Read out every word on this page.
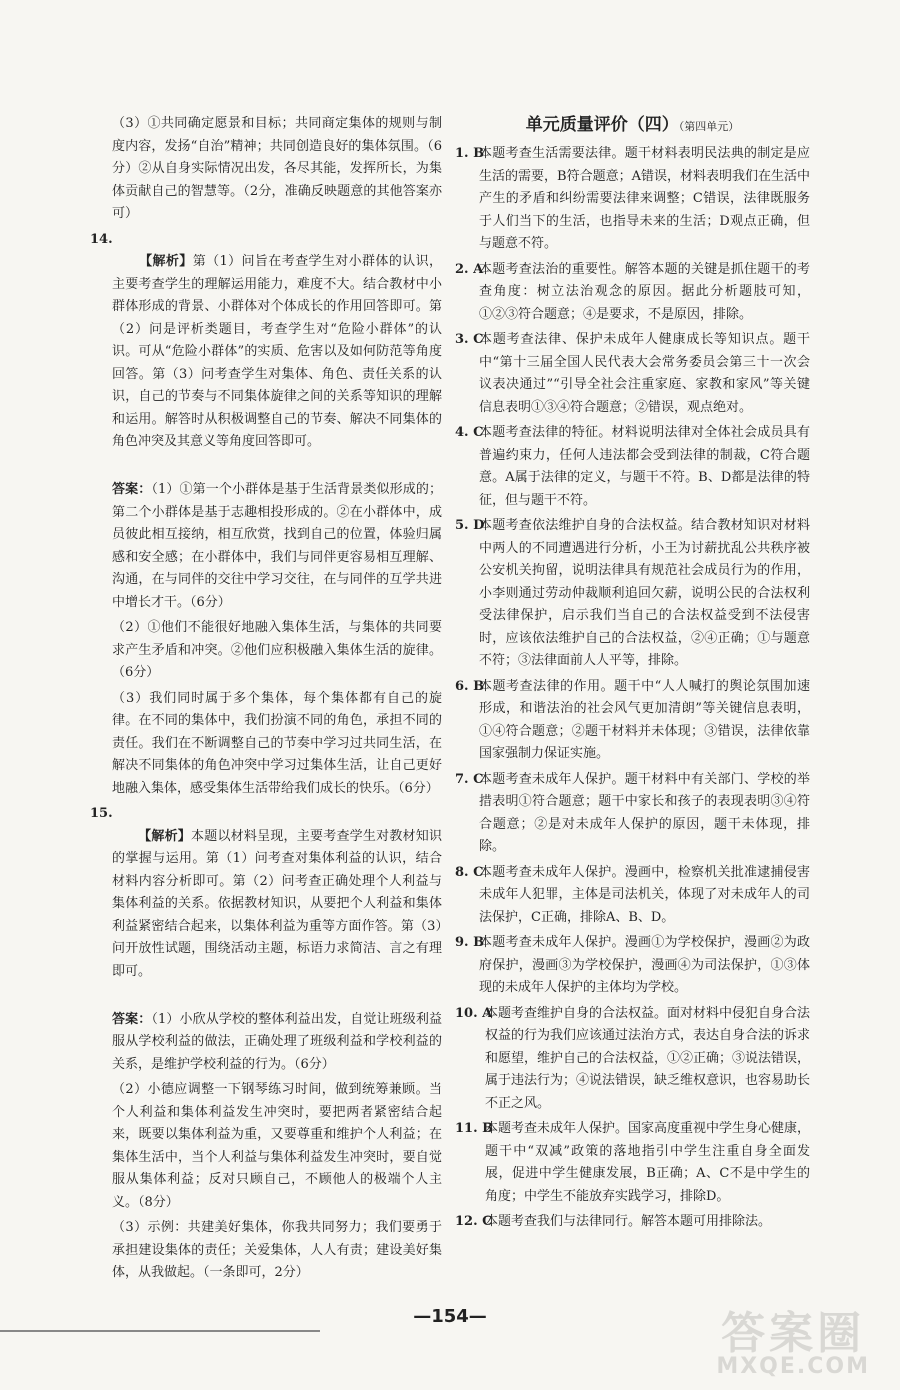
（3）①共同确定愿景和目标；共同商定集体的规则与制度内容，发扬“自治”精神；共同创造良好的集体氛围。（6分）②从自身实际情况出发，各尽其能，发挥所长，为集体贡献自己的智慧等。（2分，准确反映题意的其他答案亦可）

14.
【解析】第（1）问旨在考查学生对小群体的认识，主要考查学生的理解运用能力，难度不大。结合教材中小群体形成的背景、小群体对个体成长的作用回答即可。第（2）问是评析类题目，考查学生对“危险小群体”的认识。可从“危险小群体”的实质、危害以及如何防范等角度回答。第（3）问考查学生对集体、角色、责任关系的认识，自己的节奏与不同集体旋律之间的关系等知识的理解和运用。解答时从积极调整自己的节奏、解决不同集体的角色冲突及其意义等角度回答即可。

答案：（1）①第一个小群体是基于生活背景类似形成的；第二个小群体是基于志趣相投形成的。②在小群体中，成员彼此相互接纳，相互欣赏，找到自己的位置，体验归属感和安全感；在小群体中，我们与同伴更容易相互理解、沟通，在与同伴的交往中学习交往，在与同伴的互学共进中增长才干。（6分）

（2）①他们不能很好地融入集体生活，与集体的共同要求产生矛盾和冲突。②他们应积极融入集体生活的旋律。（6分）

（3）我们同时属于多个集体，每个集体都有自己的旋律。在不同的集体中，我们扮演不同的角色，承担不同的责任。我们在不断调整自己的节奏中学习过共同生活，在解决不同集体的角色冲突中学习过集体生活，让自己更好地融入集体，感受集体生活带给我们成长的快乐。（6分）

15.
【解析】本题以材料呈现，主要考查学生对教材知识的掌握与运用。第（1）问考查对集体利益的认识，结合材料内容分析即可。第（2）问考查正确处理个人利益与集体利益的关系。依据教材知识，从要把个人利益和集体利益紧密结合起来，以集体利益为重等方面作答。第（3）问开放性试题，围绕活动主题，标语力求简洁、言之有理即可。

答案：（1）小欣从学校的整体利益出发，自觉让班级利益服从学校利益的做法，正确处理了班级利益和学校利益的关系，是维护学校利益的行为。（6分）

（2）小德应调整一下钢琴练习时间，做到统筹兼顾。当个人利益和集体利益发生冲突时，要把两者紧密结合起来，既要以集体利益为重，又要尊重和维护个人利益；在集体生活中，当个人利益与集体利益发生冲突时，要自觉服从集体利益；反对只顾自己，不顾他人的极端个人主义。（8分）

（3）示例：共建美好集体，你我共同努力；我们要勇于承担建设集体的责任；关爱集体，人人有责；建设美好集体，从我做起。（一条即可，2分）

单元质量评价（四）（第四单元）

1. B
本题考查生活需要法律。题干材料表明民法典的制定是应生活的需要，B符合题意；A错误，材料表明我们在生活中产生的矛盾和纠纷需要法律来调整；C错误，法律既服务于人们当下的生活，也指导未来的生活；D观点正确，但与题意不符。

2. A
本题考查法治的重要性。解答本题的关键是抓住题干的考查角度：树立法治观念的原因。据此分析题肢可知，①②③符合题意；④是要求，不是原因，排除。

3. C
本题考查法律、保护未成年人健康成长等知识点。题干中“第十三届全国人民代表大会常务委员会第三十一次会议表决通过”“引导全社会注重家庭、家教和家风”等关键信息表明①③④符合题意；②错误，观点绝对。

4. C
本题考查法律的特征。材料说明法律对全体社会成员具有普遍约束力，任何人违法都会受到法律的制裁，C符合题意。A属于法律的定义，与题干不符。B、D都是法律的特征，但与题干不符。

5. D
本题考查依法维护自身的合法权益。结合教材知识对材料中两人的不同遭遇进行分析，小王为讨薪扰乱公共秩序被公安机关拘留，说明法律具有规范社会成员行为的作用，小李则通过劳动仲裁顺利追回欠薪，说明公民的合法权利受法律保护，启示我们当自己的合法权益受到不法侵害时，应该依法维护自己的合法权益，②④正确；①与题意不符；③法律面前人人平等，排除。

6. B
本题考查法律的作用。题干中“人人喊打的舆论氛围加速形成，和谐法治的社会风气更加清朗”等关键信息表明，①④符合题意；②题干材料并未体现；③错误，法律依靠国家强制力保证实施。

7. C
本题考查未成年人保护。题干材料中有关部门、学校的举措表明①符合题意；题干中家长和孩子的表现表明③④符合题意；②是对未成年人保护的原因，题干未体现，排除。

8. C
本题考查未成年人保护。漫画中，检察机关批准逮捕侵害未成年人犯罪，主体是司法机关，体现了对未成年人的司法保护，C正确，排除A、B、D。

9. B
本题考查未成年人保护。漫画①为学校保护，漫画②为政府保护，漫画③为学校保护，漫画④为司法保护，①③体现的未成年人保护的主体均为学校。

10. A
本题考查维护自身的合法权益。面对材料中侵犯自身合法权益的行为我们应该通过法治方式，表达自身合法的诉求和愿望，维护自己的合法权益，①②正确；③说法错误，属于违法行为；④说法错误，缺乏维权意识，也容易助长不正之风。

11. B
本题考查未成年人保护。国家高度重视中学生身心健康，题干中“双减”政策的落地指引中学生注重自身全面发展，促进中学生健康发展，B正确；A、C不是中学生的角度；中学生不能放弃实践学习，排除D。

12. C
本题考查我们与法律同行。解答本题可用排除法。

—154—	答案圈
MXQE.COM
